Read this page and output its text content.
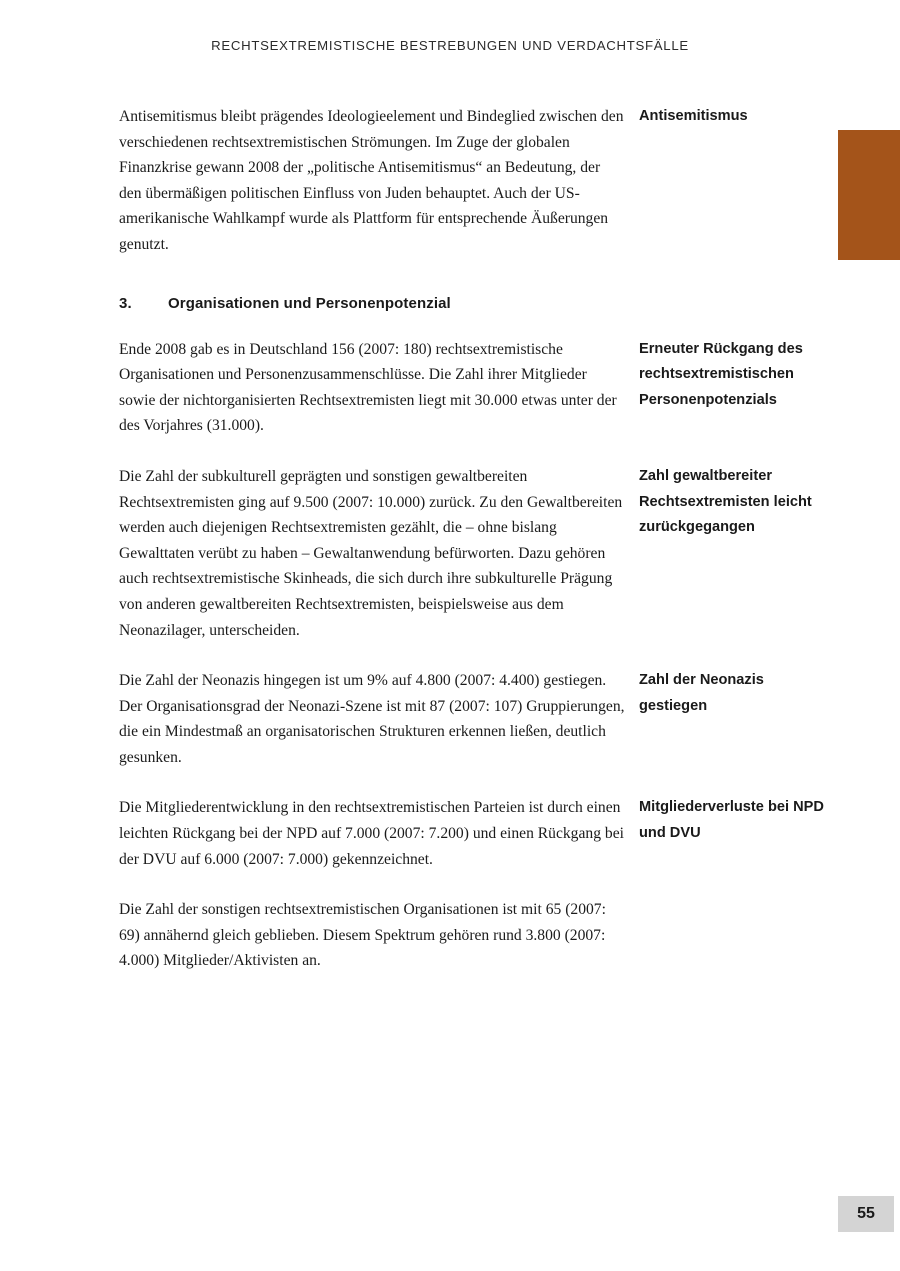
RECHTSEXTREMISTISCHE BESTREBUNGEN UND VERDACHTSFÄLLE
Antisemitismus bleibt prägendes Ideologieelement und Bindeglied zwischen den verschiedenen rechtsextremistischen Strömungen. Im Zuge der globalen Finanzkrise gewann 2008 der „politische Antisemitismus“ an Bedeutung, der den übermäßigen politischen Einfluss von Juden behauptet. Auch der US-amerikanische Wahlkampf wurde als Plattform für entsprechende Äußerungen genutzt.
Antisemitismus
3. Organisationen und Personenpotenzial
Ende 2008 gab es in Deutschland 156 (2007: 180) rechtsextremistische Organisationen und Personenzusammenschlüsse. Die Zahl ihrer Mitglieder sowie der nichtorganisierten Rechtsextremisten liegt mit 30.000 etwas unter der des Vorjahres (31.000).
Erneuter Rückgang des rechtsextremistischen Personenpotenzials
Die Zahl der subkulturell geprägten und sonstigen gewaltbereiten Rechtsextremisten ging auf 9.500 (2007: 10.000) zurück. Zu den Gewaltbereiten werden auch diejenigen Rechtsextremisten gezählt, die – ohne bislang Gewalttaten verübt zu haben – Gewaltanwendung befürworten. Dazu gehören auch rechtsextremistische Skinheads, die sich durch ihre subkulturelle Prägung von anderen gewaltbereiten Rechtsextremisten, beispielsweise aus dem Neonazilager, unterscheiden.
Zahl gewaltbereiter Rechtsextremisten leicht zurückgegangen
Die Zahl der Neonazis hingegen ist um 9% auf 4.800 (2007: 4.400) gestiegen. Der Organisationsgrad der Neonazi-Szene ist mit 87 (2007: 107) Gruppierungen, die ein Mindestmaß an organisatorischen Strukturen erkennen ließen, deutlich gesunken.
Zahl der Neonazis gestiegen
Die Mitgliederentwicklung in den rechtsextremistischen Parteien ist durch einen leichten Rückgang bei der NPD auf 7.000 (2007: 7.200) und einen Rückgang bei der DVU auf 6.000 (2007: 7.000) gekennzeichnet.
Mitgliederverluste bei NPD und DVU
Die Zahl der sonstigen rechtsextremistischen Organisationen ist mit 65 (2007: 69) annähernd gleich geblieben. Diesem Spektrum gehören rund 3.800 (2007: 4.000) Mitglieder/Aktivisten an.
55
